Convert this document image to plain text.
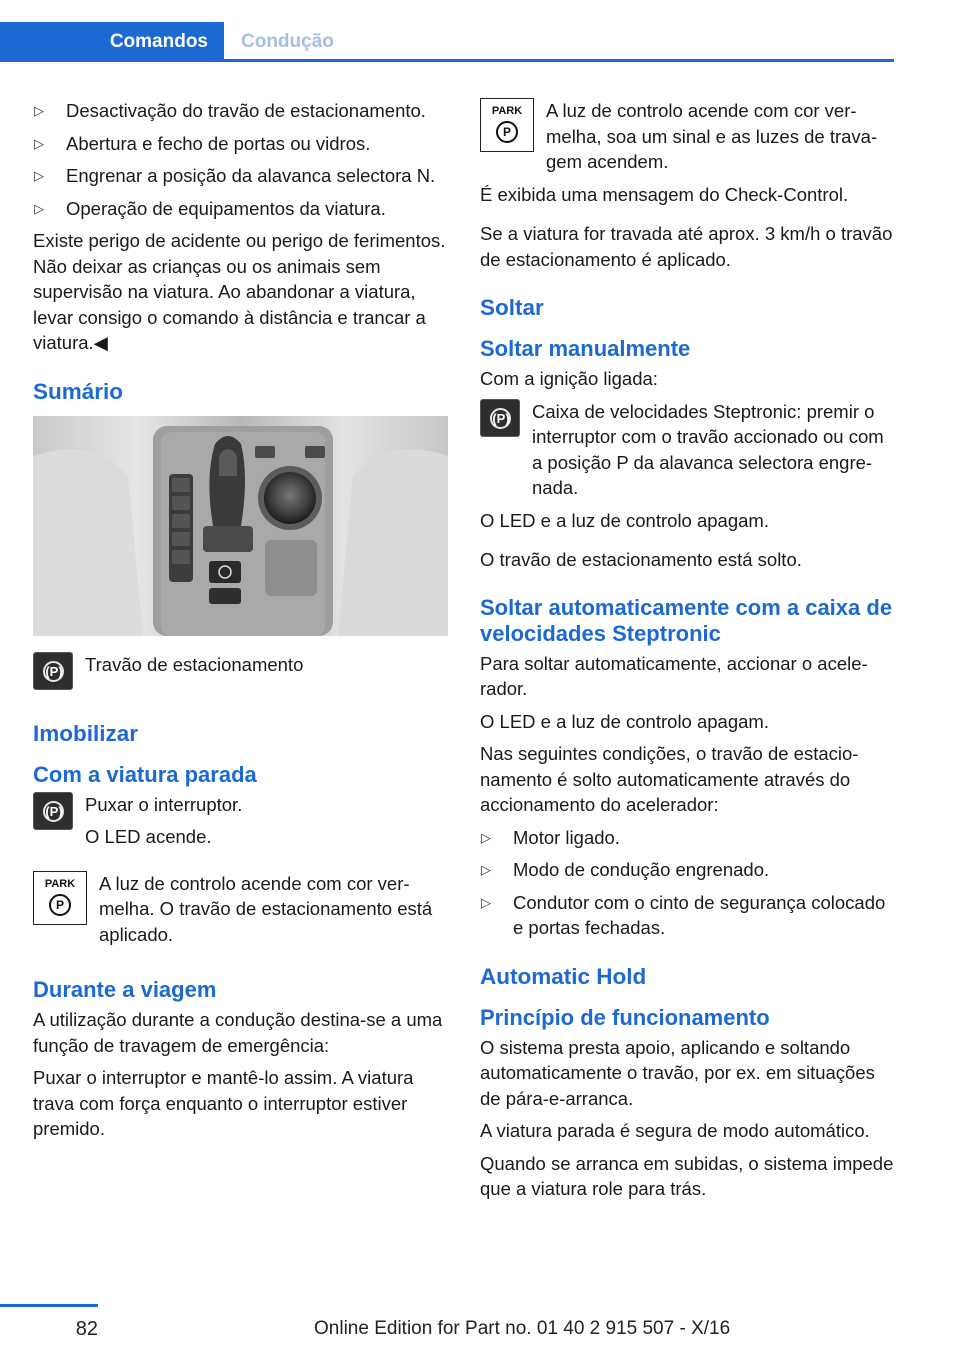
Comandos	Condução
▷ Desactivação do travão de estacionamento.
▷ Abertura e fecho de portas ou vidros.
▷ Engrenar a posição da alavanca selectora N.
▷ Operação de equipamentos da viatura.

Existe perigo de acidente ou perigo de ferimentos. Não deixar as crianças ou os animais sem supervisão na viatura. Ao abandonar a viatura, levar consigo o comando à distância e trancar a viatura.◀

Sumário
(P)	Travão de estacionamento
Imobilizar
Com a viatura parada
(P)	Puxar o interruptor.

O LED acende.

PARK
P
A luz de controlo acende com cor vermelha. O travão de estacionamento está aplicado.
Durante a viagem

A utilização durante a condução destina-se a uma função de travagem de emergência:

Puxar o interruptor e mantê-lo assim. A viatura trava com força enquanto o interruptor estiver premido.

PARK
P
A luz de controlo acende com cor vermelha, soa um sinal e as luzes de travagem acendem.

É exibida uma mensagem do Check-Control.

Se a viatura for travada até aprox. 3 km/h o travão de estacionamento é aplicado.

Soltar
Soltar manualmente

Com a ignição ligada:

(P)	Caixa de velocidades Steptronic: premir o interruptor com o travão accionado ou com a posição P da alavanca selectora engrenada.

O LED e a luz de controlo apagam.

O travão de estacionamento está solto.

Soltar automaticamente com a caixa de velocidades Steptronic

Para soltar automaticamente, accionar o acelerador.

O LED e a luz de controlo apagam.

Nas seguintes condições, o travão de estacionamento é solto automaticamente através do accionamento do acelerador:

▷ Motor ligado.
▷ Modo de condução engrenado.
▷ Condutor com o cinto de segurança colocado e portas fechadas.
Automatic Hold
Princípio de funcionamento

O sistema presta apoio, aplicando e soltando automaticamente o travão, por ex. em situações de pára-e-arranca.

A viatura parada é segura de modo automático.

Quando se arranca em subidas, o sistema impede que a viatura role para trás.

82	Online Edition for Part no. 01 40 2 915 507 - X/16
